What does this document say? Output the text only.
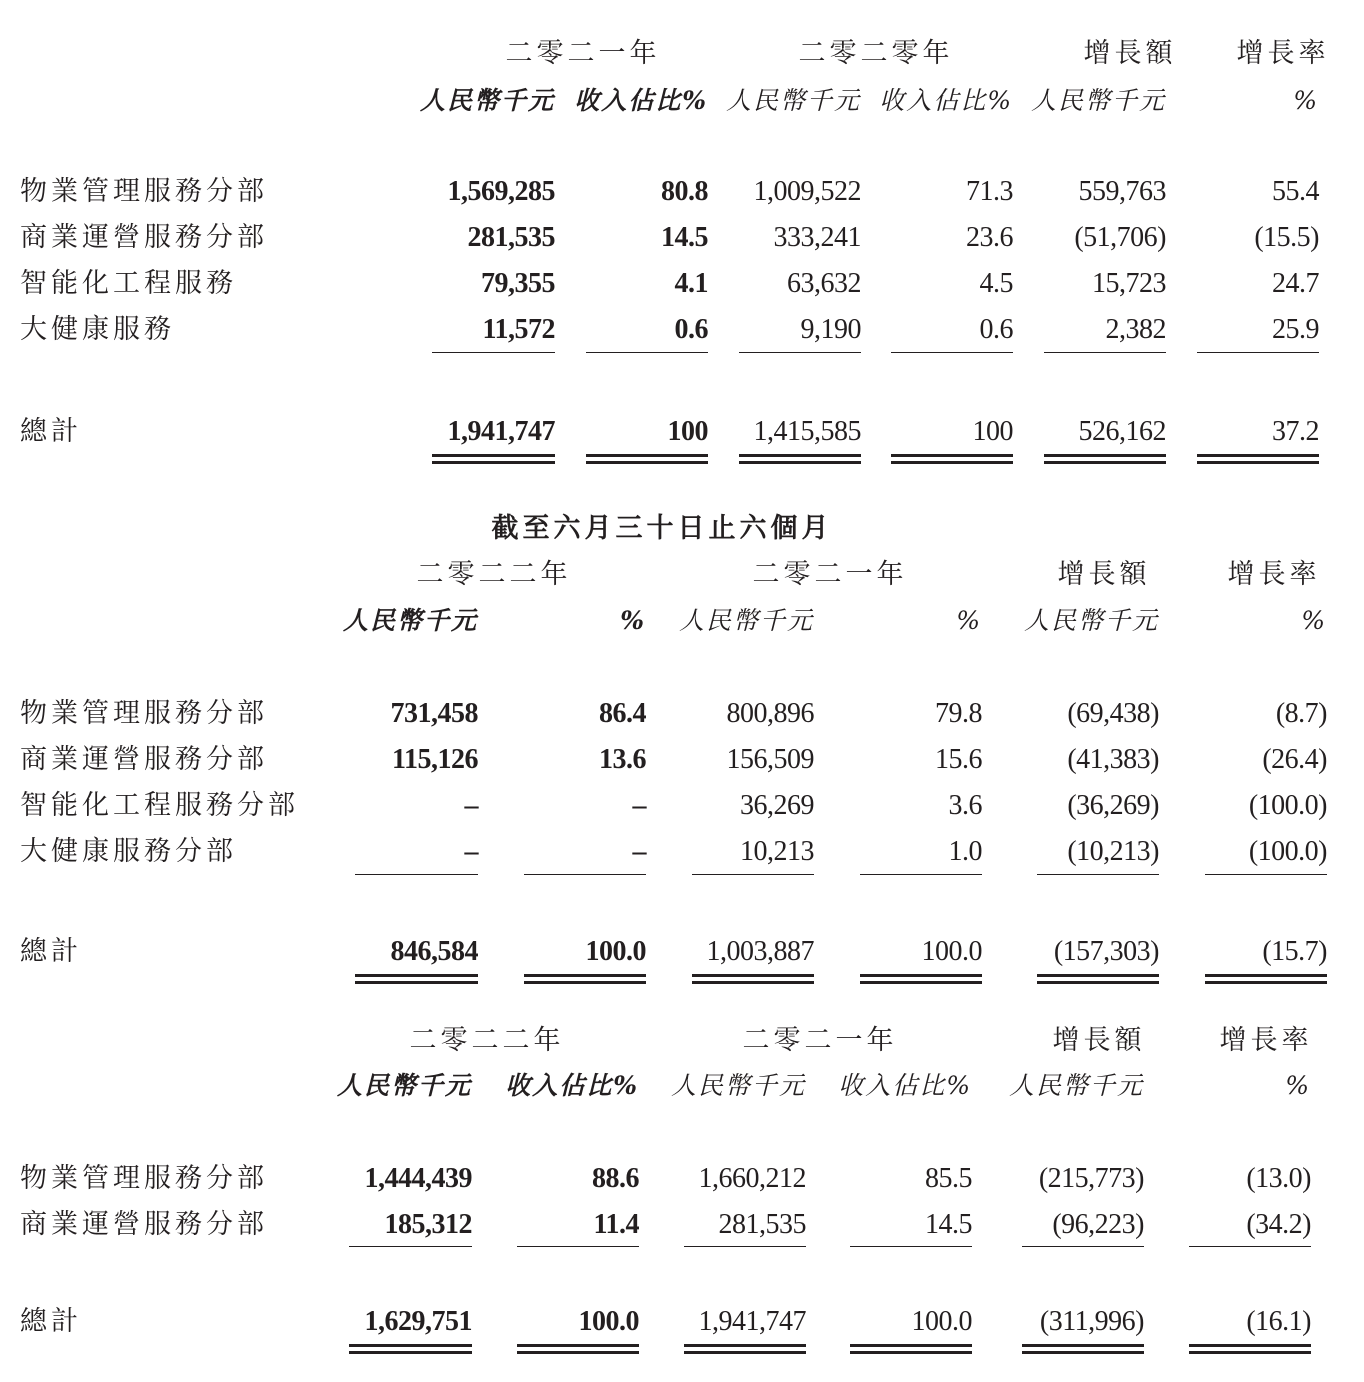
二零二一年	二零二零年	增長額 增長率
人民幣千元 收入佔比% 人民幣千元 收入佔比% 人民幣千元	%
物業管理服務分部	1,569,285	80.8 1,009,522	71.3 559,763	55.4
商業運營服務分部	281,535	14.5 333,241	23.6 (51,706)	(15.5)
智能化工程服務	79,355	4.1	63,632	4.5	15,723	24.7
大健康服務	11,572	0.6	9,190	0.6	2,382	25.9
總計	1,941,747	100 1,415,585	100 526,162	37.2
截至六月三十日止六個月
二零二二年	二零二一年	增長額	增長率
人民幣千元	% 人民幣千元	% 人民幣千元	%
物業管理服務分部	731,458	86.4	800,896	79.8	(69,438)	(8.7)
商業運營服務分部	115,126	13.6	156,509	15.6	(41,383)	(26.4)
智能化工程服務分部	–	–	36,269	3.6	(36,269)	(100.0)
大健康服務分部	–	–	10,213	1.0	(10,213)	(100.0)
總計	846,584	100.0 1,003,887	100.0	(157,303)	(15.7)
二零二二年	二零二一年	增長額	增長率
人民幣千元 收入佔比% 人民幣千元 收入佔比% 人民幣千元	%
物業管理服務分部	1,444,439	88.6 1,660,212	85.5 (215,773)	(13.0)
商業運營服務分部	185,312	11.4	281,535	14.5	(96,223)	(34.2)
總計	1,629,751	100.0 1,941,747	100.0 (311,996)	(16.1)
